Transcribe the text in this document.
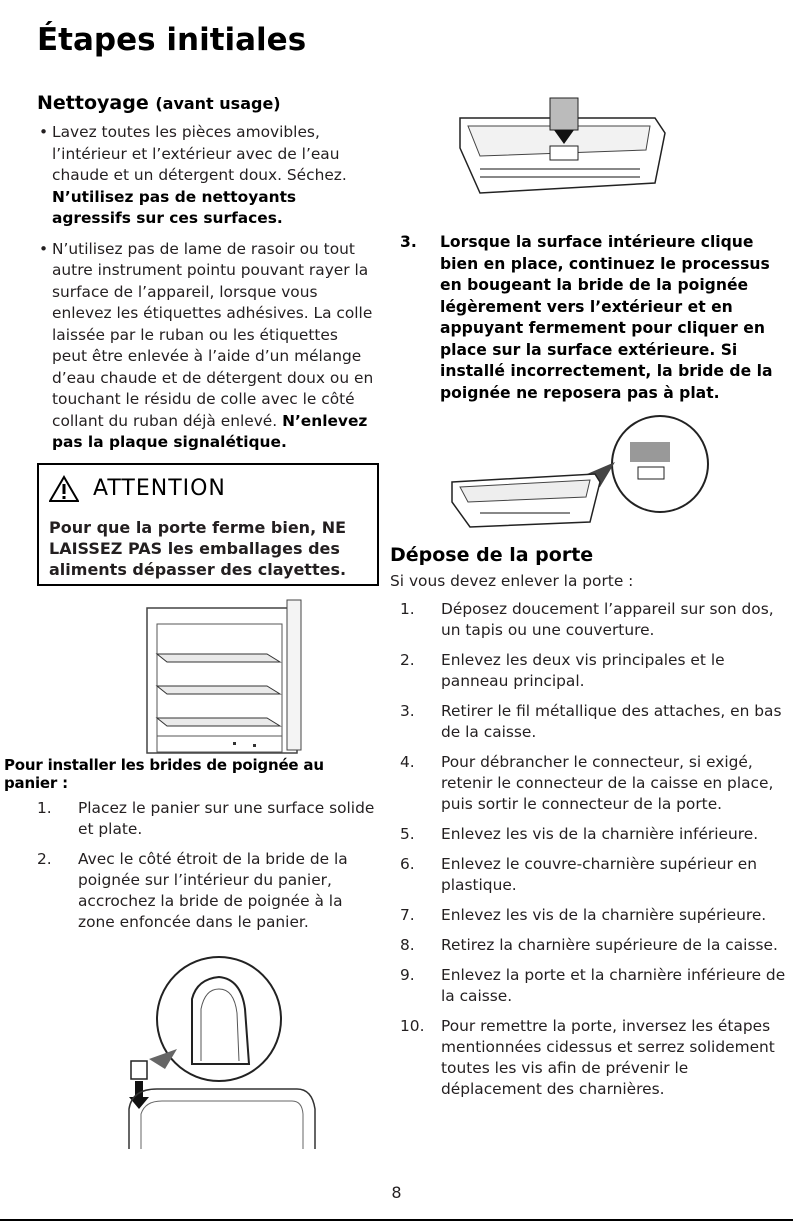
Étapes initiales
Nettoyage (avant usage)
• Lavez toutes les pièces amovibles, l’intérieur et l’extérieur avec de l’eau chaude et un détergent doux. Séchez. N’utilisez pas de nettoyants agressifs sur ces surfaces.
• N’utilisez pas de lame de rasoir ou tout autre instrument pointu pouvant rayer la surface de l’appareil, lorsque vous enlevez les étiquettes adhésives. La colle laissée par le ruban ou les étiquettes peut être enlevée à l’aide d’un mélange d’eau chaude et de détergent doux ou en touchant le résidu de colle avec le côté collant du ruban déjà enlevé. N’enlevez pas la plaque signalétique.
ATTENTION

Pour que la porte ferme bien, NE LAISSEZ PAS les emballages des aliments dépasser des clayettes.

Pour installer les brides de poignée au panier :

1.	Placez le panier sur une surface solide et plate.
2.	Avec le côté étroit de la bride de la poignée sur l’intérieur du panier, accrochez la bride de poignée à la zone enfoncée dans le panier.
3.	Lorsque la surface intérieure clique bien en place, continuez le processus en bougeant la bride de la poignée légèrement vers l’extérieur et en appuyant fermement pour cliquer en place sur la surface extérieure. Si installé incorrectement, la bride de la poignée ne reposera pas à plat.
Dépose de la porte

Si vous devez enlever la porte :

1.	Déposez doucement l’appareil sur son dos, un tapis ou une couverture.
2.	Enlevez les deux vis principales et le panneau principal.
3.	Retirer le fil métallique des attaches, en bas de la caisse.
4.	Pour débrancher le connecteur, si exigé, retenir le connecteur de la caisse en place, puis sortir le connecteur de la porte.
5.	Enlevez les vis de la charnière inférieure.
6.	Enlevez le couvre-charnière supérieur en plastique.
7.	Enlevez les vis de la charnière supérieure.
8.	Retirez la charnière supérieure de la caisse.
9.	Enlevez la porte et la charnière inférieure de la caisse.
10.	Pour remettre la porte, inversez les étapes mentionnées cidessus et serrez solidement toutes les vis afin de prévenir le déplacement des charnières.
8
